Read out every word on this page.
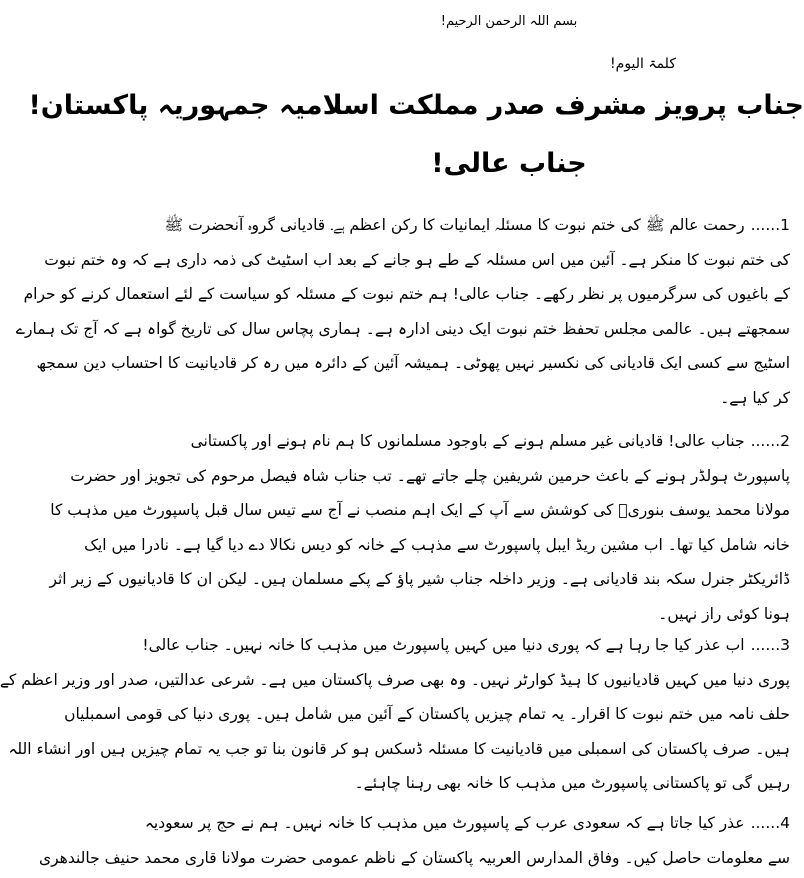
بسم اللہ الرحمن الرحیم!
کلمۃ الیوم!
جناب پرویز مشرف صدر مملکت اسلامیہ جمہوریہ پاکستان!
جناب عالی!
1......رحمت عالم ﷺ کی ختم نبوت کا مسئلہ ایمانیات کا رکن اعظم ہے۔ قادیانی گروہ آنحضرت ﷺ
کی ختم نبوت کا منکر ہے۔ آئین میں اس مسئلہ کے طے ہو جانے کے بعد اب اسٹیٹ کی ذمہ داری ہے کہ وہ ختم نبوت
کے باغیوں کی سرگرمیوں پر نظر رکھے۔ جناب عالی! ہم ختم نبوت کے مسئلہ کو سیاست کے لئے استعمال کرنے کو حرام
سمجھتے ہیں۔ عالمی مجلس تحفظ ختم نبوت ایک دینی ادارہ ہے۔ ہماری پچاس سال کی تاریخ گواہ ہے کہ آج تک ہمارے
اسٹیج سے کسی ایک قادیانی کی نکسیر نہیں پھوٹی۔ ہمیشہ آئین کے دائرہ میں رہ کر قادیانیت کا احتساب دین سمجھ
کر کیا ہے۔
2......جناب عالی! قادیانی غیر مسلم ہونے کے باوجود مسلمانوں کا ہم نام ہونے اور پاکستانی
پاسپورٹ ہولڈر ہونے کے باعث حرمین شریفین چلے جاتے تھے۔ تب جناب شاہ فیصل مرحوم کی تجویز اور حضرت
مولانا محمد یوسف بنوریؒ کی کوشش سے آپ کے ایک اہم منصب نے آج سے تیس سال قبل پاسپورٹ میں مذہب کا
خانہ شامل کیا تھا۔ اب مشین ریڈ ایبل پاسپورٹ سے مذہب کے خانہ کو دیس نکالا دے دیا گیا ہے۔ نادرا میں ایک
ڈائریکٹر جنرل سکہ بند قادیانی ہے۔ وزیر داخلہ جناب شیر پاؤ کے پکے مسلمان ہیں۔ لیکن ان کا قادیانیوں کے زیر اثر
ہونا کوئی راز نہیں۔
3......اب عذر کیا جا رہا ہے کہ پوری دنیا میں کہیں پاسپورٹ میں مذہب کا خانہ نہیں۔ جناب عالی!
پوری دنیا میں کہیں قادیانیوں کا ہیڈ کوارٹر نہیں۔ وہ بھی صرف پاکستان میں ہے۔ شرعی عدالتیں، صدر اور وزیر اعظم کے
حلف نامہ میں ختم نبوت کا اقرار۔ یہ تمام چیزیں پاکستان کے آئین میں شامل ہیں۔ پوری دنیا کی قومی اسمبلیاں
ہیں۔ صرف پاکستان کی اسمبلی میں قادیانیت کا مسئلہ ڈسکس ہو کر قانون بنا تو جب یہ تمام چیزیں ہیں اور انشاء اللہ
رہیں گی تو پاکستانی پاسپورٹ میں مذہب کا خانہ بھی رہنا چاہئے۔
4......عذر کیا جاتا ہے کہ سعودی عرب کے پاسپورٹ میں مذہب کا خانہ نہیں۔ ہم نے حج پر سعودیہ
سے معلومات حاصل کیں۔ وفاق المدارس العربیہ پاکستان کے ناظم عمومی حضرت مولانا قاری محمد حنیف جالندھری
